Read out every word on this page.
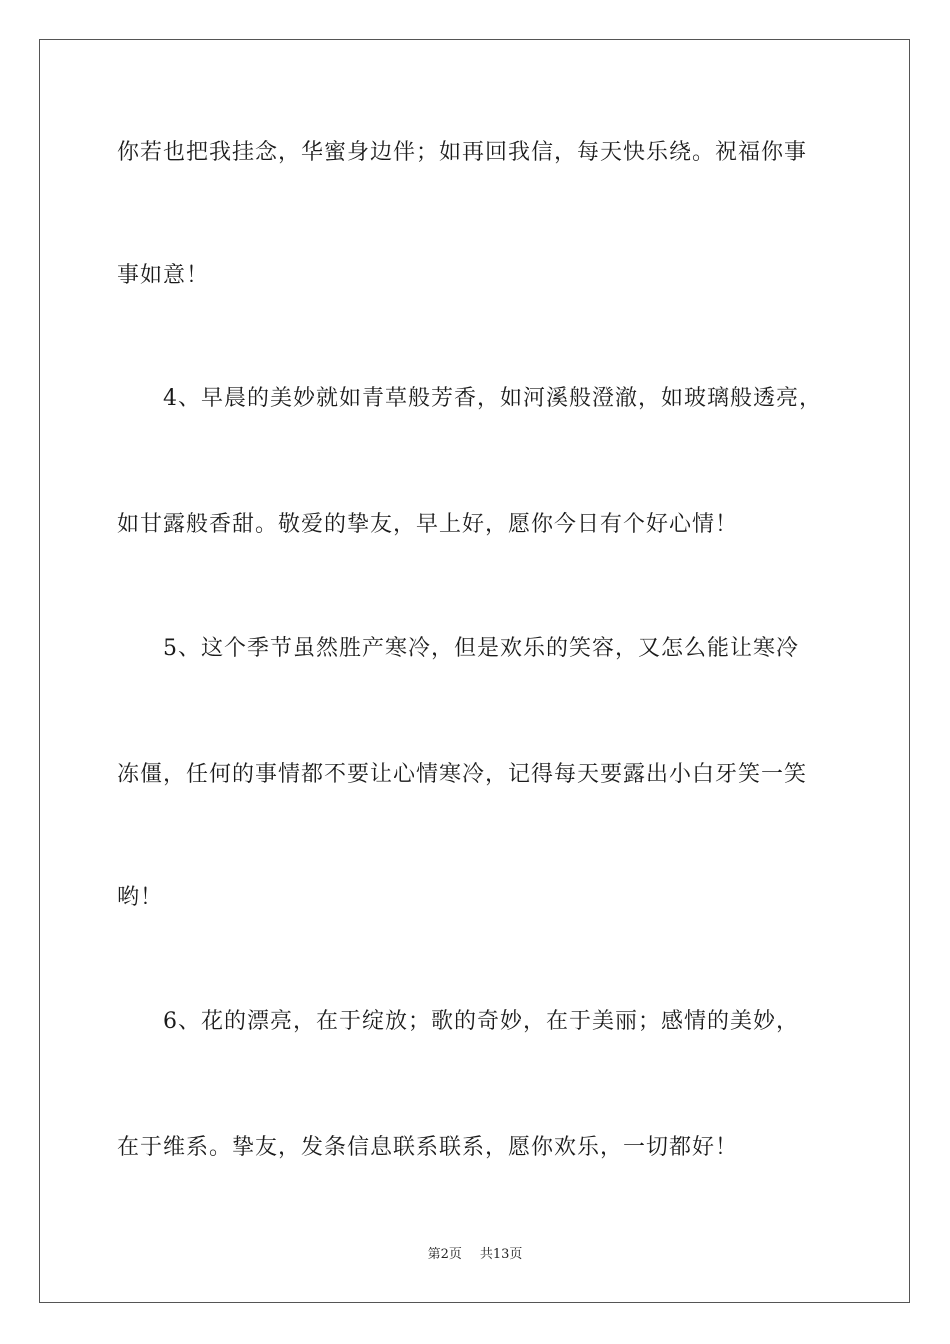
你若也把我挂念，华蜜身边伴；如再回我信，每天快乐绕。祝福你事
事如意！
4、早晨的美妙就如青草般芳香，如河溪般澄澈，如玻璃般透亮，
如甘露般香甜。敬爱的挚友，早上好，愿你今日有个好心情！
5、这个季节虽然胜产寒冷，但是欢乐的笑容，又怎么能让寒冷
冻僵，任何的事情都不要让心情寒冷，记得每天要露出小白牙笑一笑
哟！
6、花的漂亮，在于绽放；歌的奇妙，在于美丽；感情的美妙，
在于维系。挚友，发条信息联系联系，愿你欢乐，一切都好！
第2页 共13页
